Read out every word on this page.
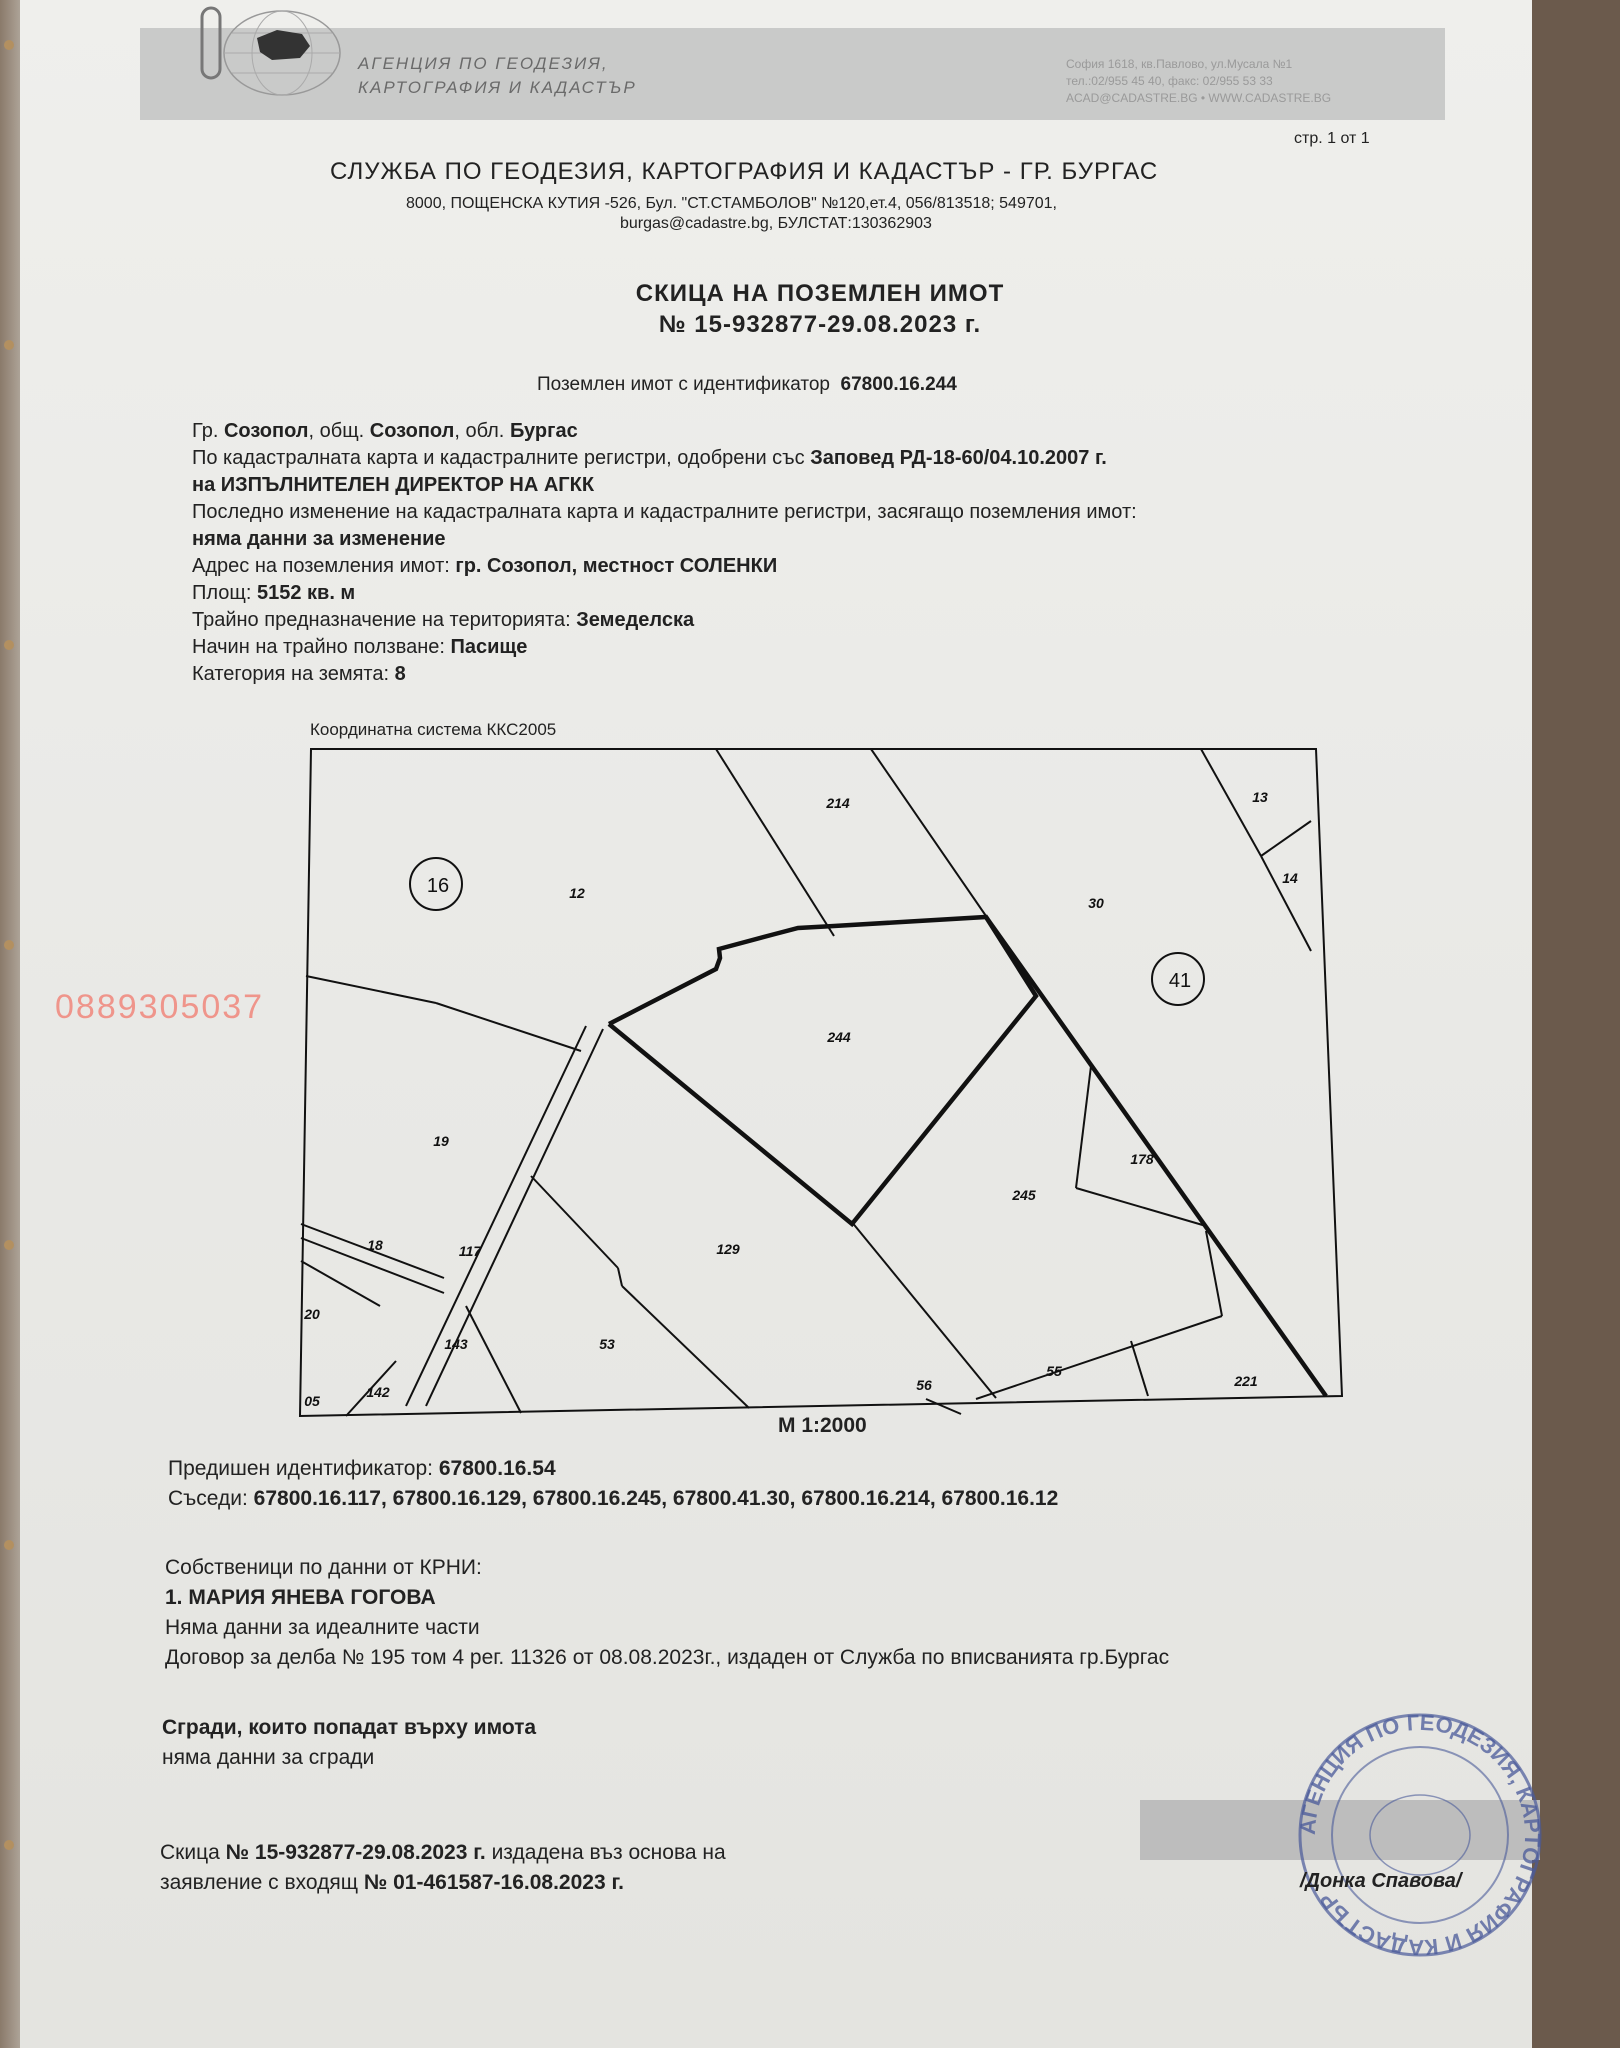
АГЕНЦИЯ ПО ГЕОДЕЗИЯ,
КАРТОГРАФИЯ И КАДАСТЪР
София 1618, кв.Павлово, ул.Мусала №1
тел.:02/955 45 40, факс: 02/955 53 33
ACAD@CADASTRE.BG • WWW.CADASTRE.BG
стр. 1 от 1
СЛУЖБА ПО ГЕОДЕЗИЯ, КАРТОГРАФИЯ И КАДАСТЪР - ГР. БУРГАС
8000, ПОЩЕНСКА КУТИЯ -526, Бул. "СТ.СТАМБОЛОВ" №120,ет.4, 056/813518; 549701,
burgas@cadastre.bg, БУЛСТАТ:130362903
СКИЦА НА ПОЗЕМЛЕН ИМОТ
№ 15-932877-29.08.2023 г.
Поземлен имот с идентификатор 67800.16.244
Гр. Созопол, общ. Созопол, обл. Бургас
По кадастралната карта и кадастралните регистри, одобрени със Заповед РД-18-60/04.10.2007 г.
на ИЗПЪЛНИТЕЛЕН ДИРЕКТОР НА АГКК
Последно изменение на кадастралната карта и кадастралните регистри, засягащо поземления имот:
няма данни за изменение
Адрес на поземления имот: гр. Созопол, местност СОЛЕНКИ
Площ: 5152 кв. м
Трайно предназначение на територията: Земеделска
Начин на трайно ползване: Пасище
Категория на земята: 8
Координатна система ККС2005
16
41
214	13
14
12
30
244
19
178
245
18	117	129
20
143	53
56
55
221
05
142
М 1:2000
Предишен идентификатор: 67800.16.54
Съседи: 67800.16.117, 67800.16.129, 67800.16.245, 67800.41.30, 67800.16.214, 67800.16.12
Собственици по данни от КРНИ:
1. МАРИЯ ЯНЕВА ГОГОВА
Няма данни за идеалните части
Договор за делба № 195 том 4 рег. 11326 от 08.08.2023г., издаден от Служба по вписванията гр.Бургас
Сгради, които попадат върху имота
няма данни за сгради
Скица № 15-932877-29.08.2023 г. издадена въз основа на
заявление с входящ № 01-461587-16.08.2023 г.
АГЕНЦИЯ ПО ГЕОДЕЗИЯ, КАРТОГРАФИЯ И КАДАСТЪР
/Донка Спавова/
0889305037
